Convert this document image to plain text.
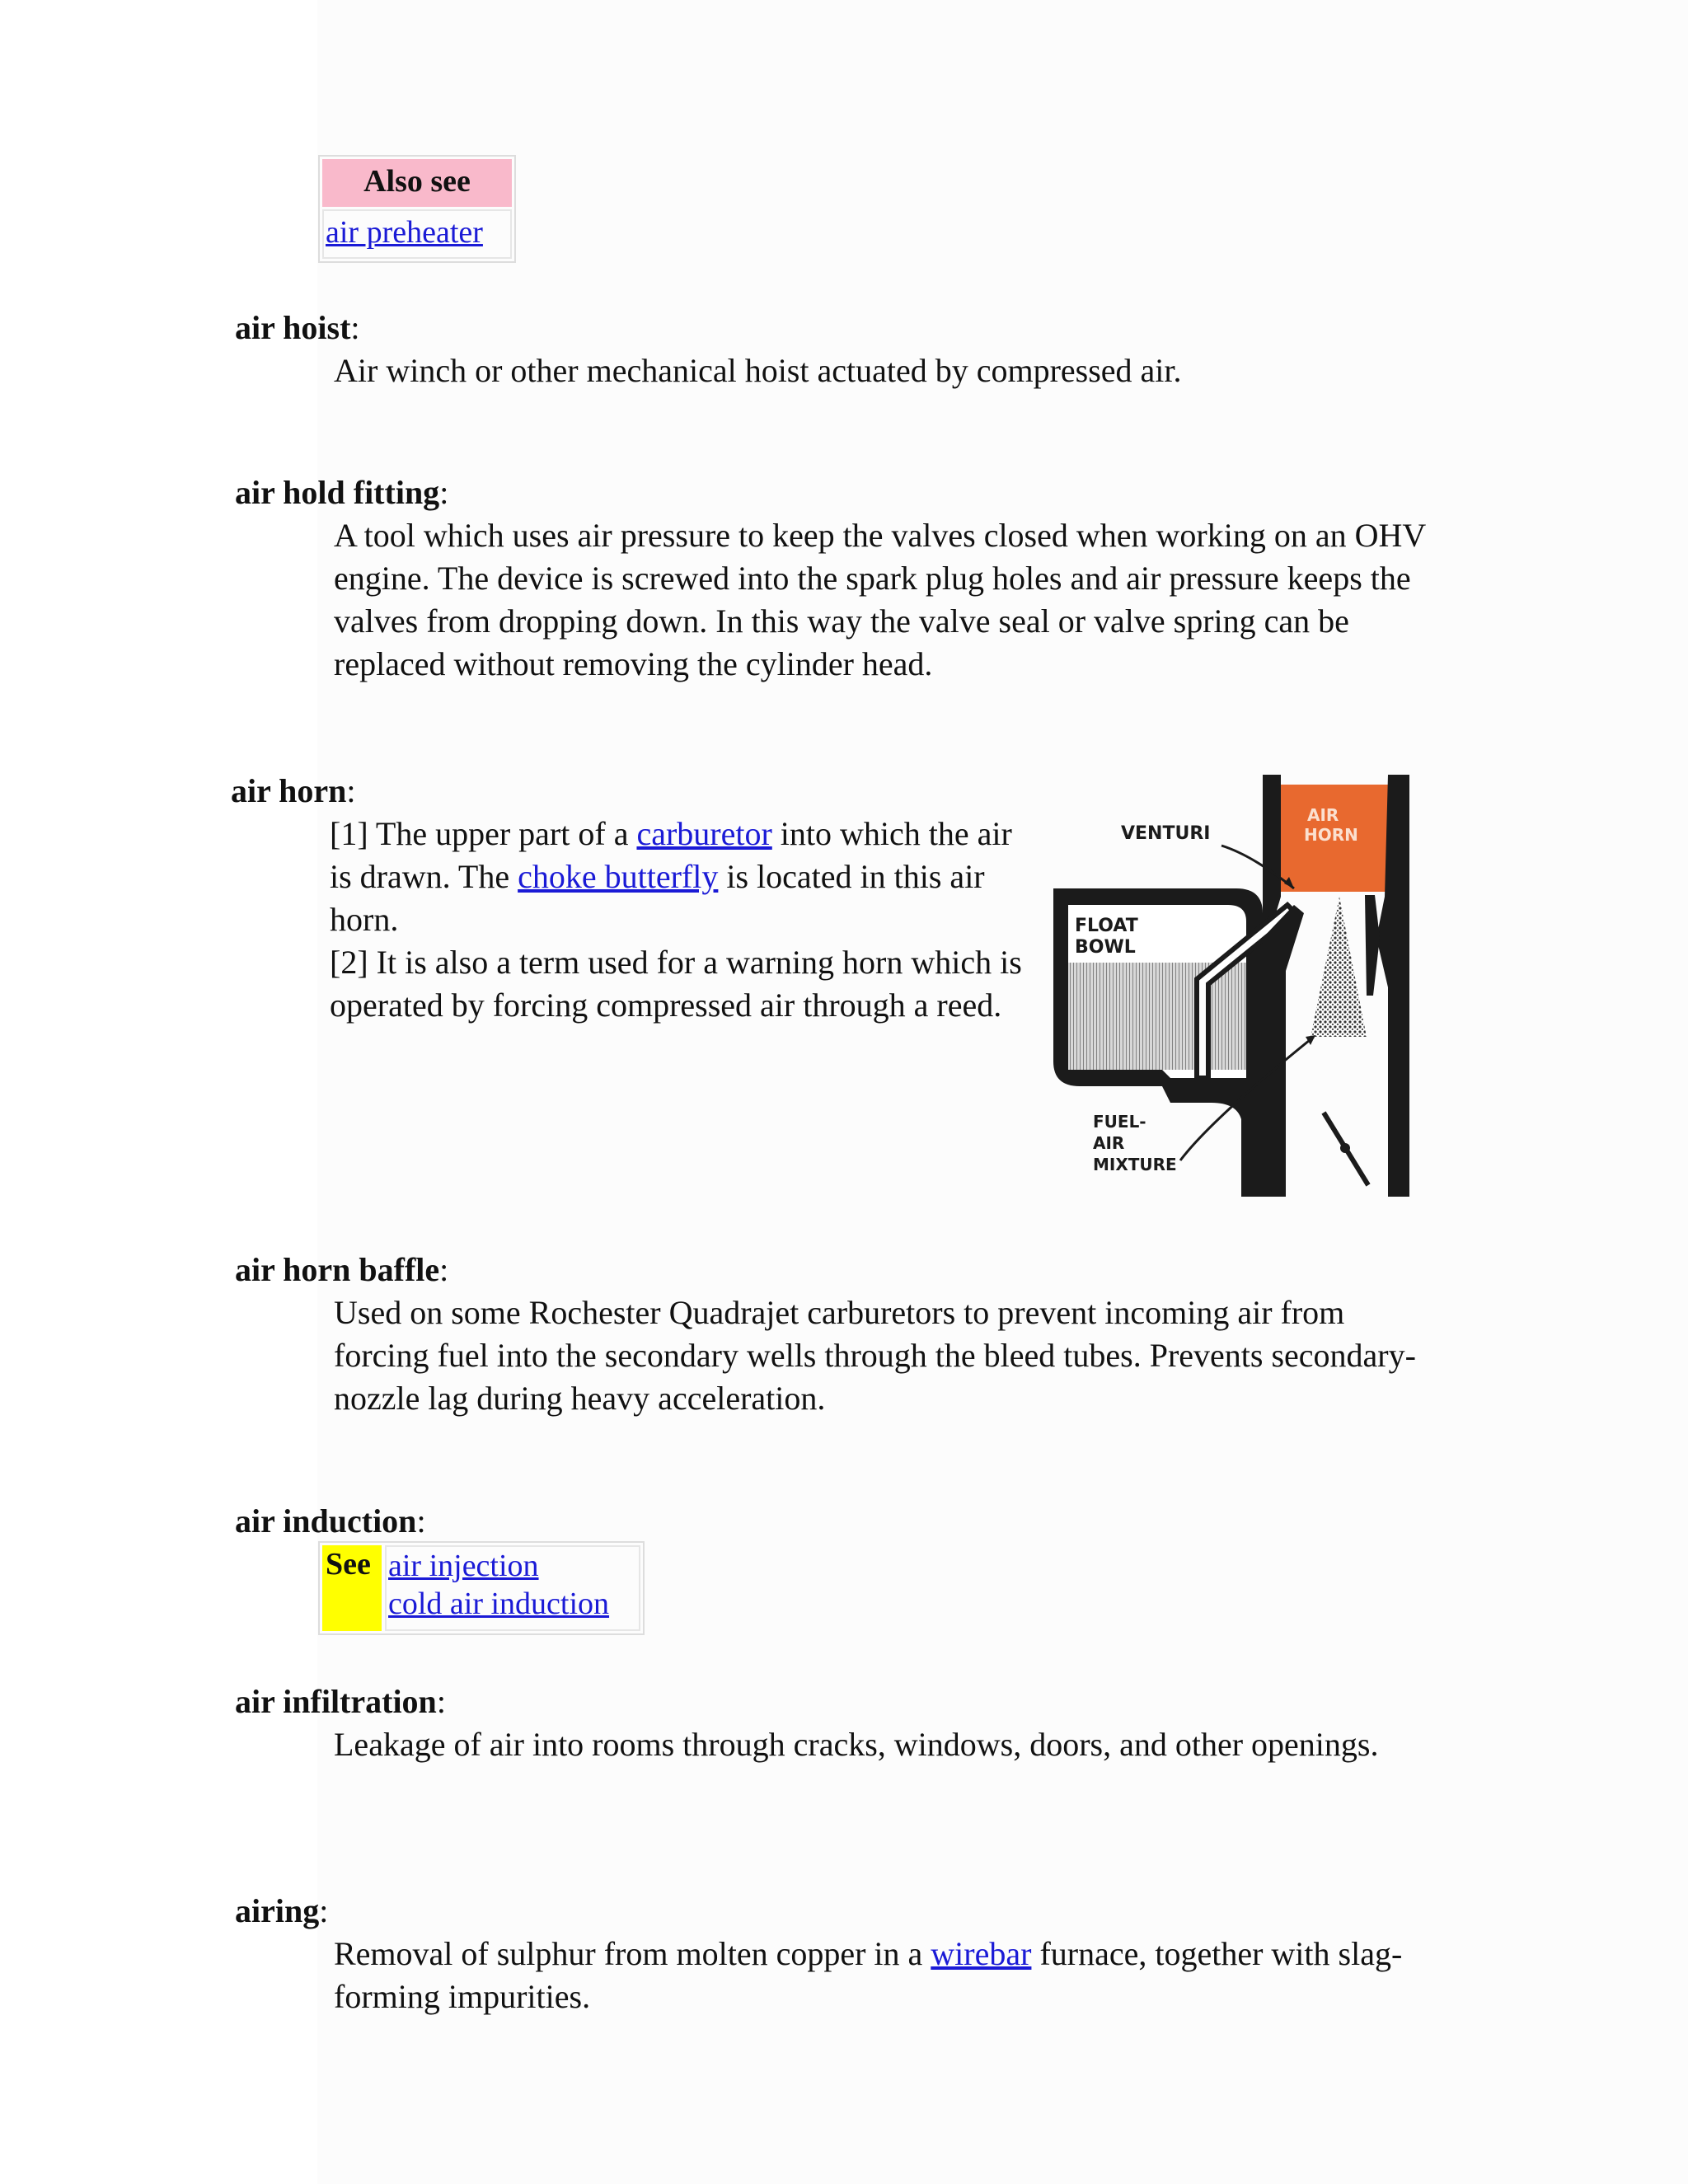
Also see
air preheater
air hoist:
Air winch or other mechanical hoist actuated by compressed air.
air hold fitting:
A tool which uses air pressure to keep the valves closed when working on an OHV engine. The device is screwed into the spark plug holes and air pressure keeps the valves from dropping down. In this way the valve seal or valve spring can be replaced without removing the cylinder head.
air horn:
[1] The upper part of a carburetor into which the air is drawn. The choke butterfly is located in this air horn.
[2] It is also a term used for a warning horn which is operated by forcing compressed air through a reed.
VENTURI
AIR
HORN
FLOAT
BOWL
FUEL-
AIR
MIXTURE
air horn baffle:
Used on some Rochester Quadrajet carburetors to prevent incoming air from forcing fuel into the secondary wells through the bleed tubes. Prevents secondary-nozzle lag during heavy acceleration.
air induction:
See air injection
cold air induction
air infiltration:
Leakage of air into rooms through cracks, windows, doors, and other openings.
airing:
Removal of sulphur from molten copper in a wirebar furnace, together with slag-forming impurities.
